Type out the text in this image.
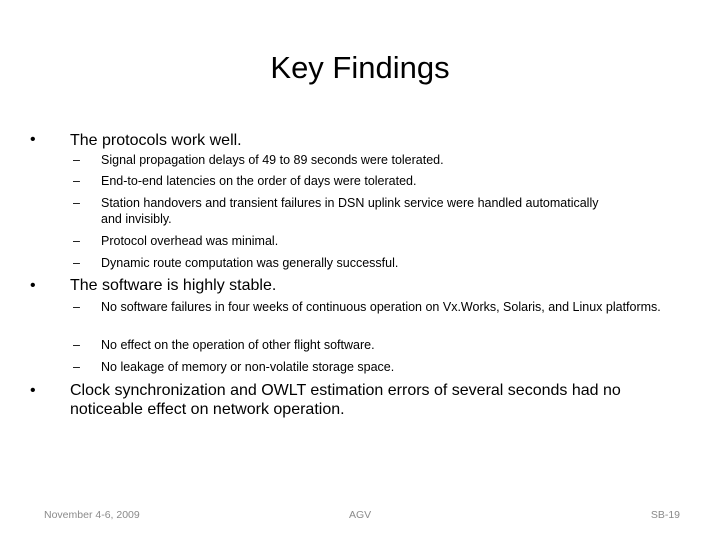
Key Findings
• The protocols work well.
– Signal propagation delays of 49 to 89 seconds were tolerated.
– End-to-end latencies on the order of days were tolerated.
– Station handovers and transient failures in DSN uplink service were handled automatically and invisibly.
– Protocol overhead was minimal.
– Dynamic route computation was generally successful.
• The software is highly stable.
– No software failures in four weeks of continuous operation on Vx.Works, Solaris, and Linux platforms.
– No effect on the operation of other flight software.
– No leakage of memory or non-volatile storage space.
• Clock synchronization and OWLT estimation errors of several seconds had no noticeable effect on network operation.
November 4-6, 2009	AGV	SB-19
